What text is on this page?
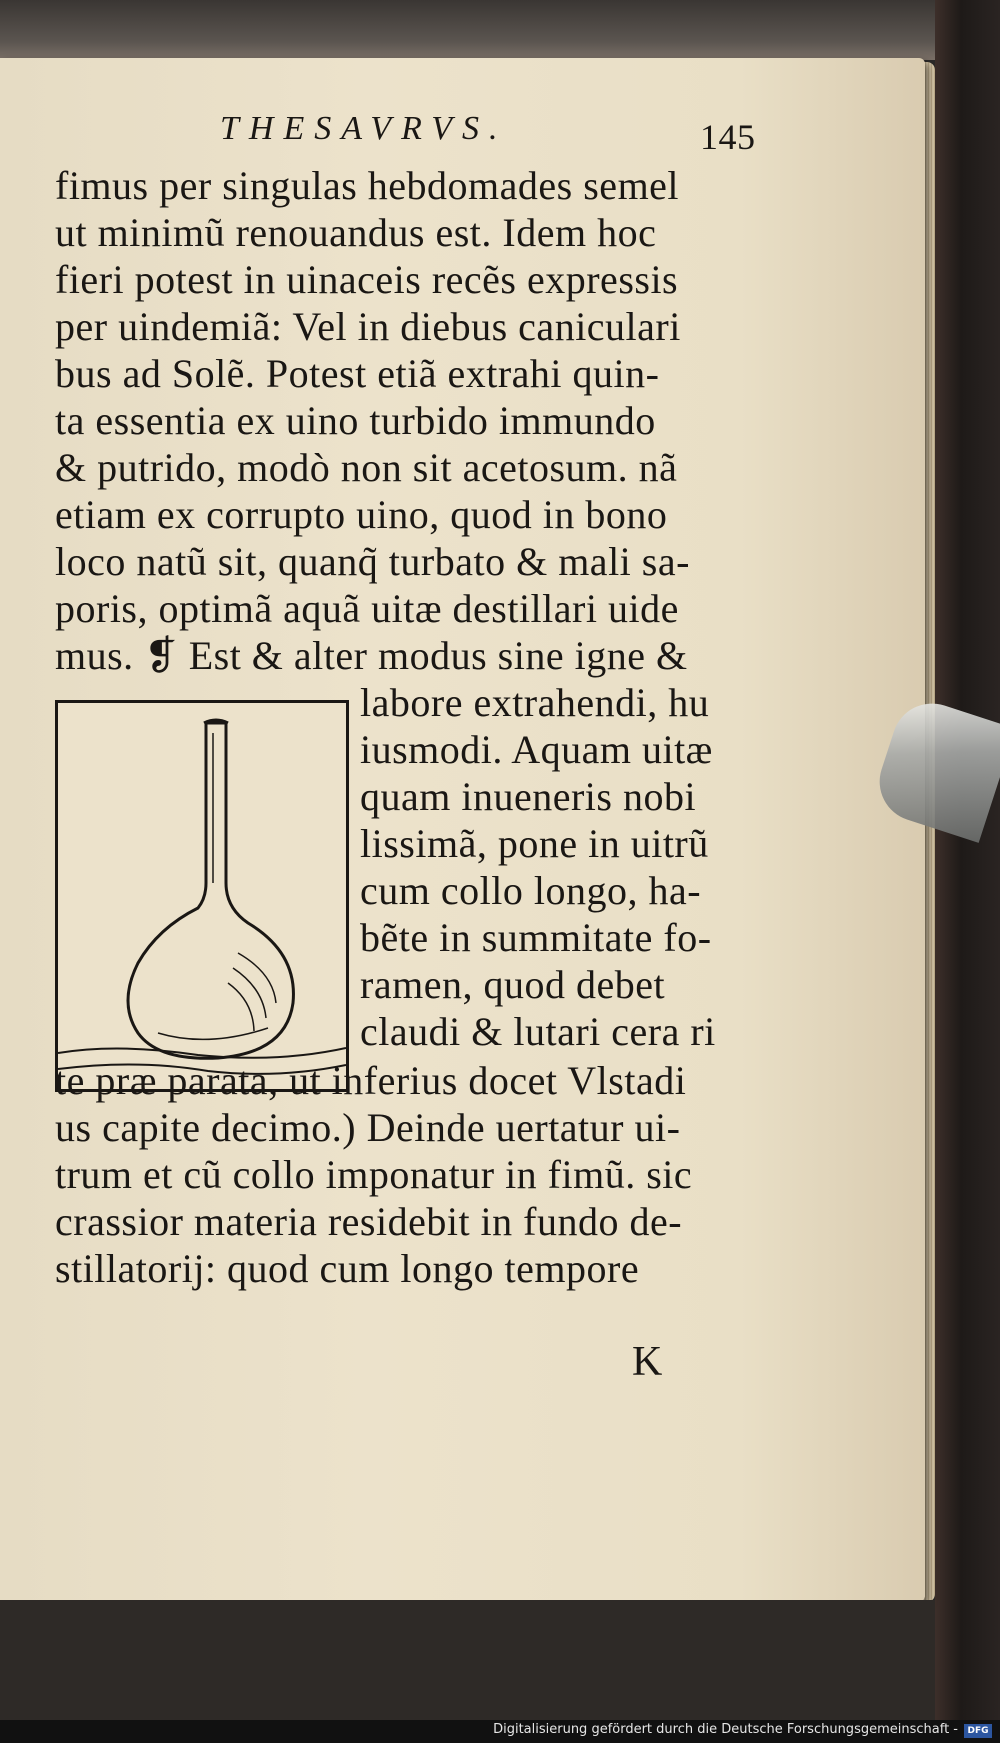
THESAVRVS.	145
fimus per singulas hebdomades semel
ut minimũ renouandus est. Idem hoc
fieri potest in uinaceis recẽs expressis
per uindemiã: Vel in diebus caniculari
bus ad Solẽ. Potest etiã extrahi quin-
ta essentia ex uino turbido immundo
& putrido, modò non sit acetosum. nã
etiam ex corrupto uino, quod in bono
loco natũ sit, quanq̃ turbato & mali sa-
poris, optimã aquã uitæ destillari uide
mus. ❡ Est & alter modus sine igne &
labore extrahendi, hu
iusmodi. Aquam uitæ
quam inueneris nobi
lissimã, pone in uitrũ
cum collo longo, ha-
bẽte in summitate fo-
ramen, quod debet
claudi & lutari cera ri
te præ parata, ut inferius docet Vlstadi
us capite decimo.) Deinde uertatur ui-
trum et cũ collo imponatur in fimũ. sic
crassior materia residebit in fundo de-
stillatorij: quod cum longo tempore
K
Digitalisierung gefördert durch die Deutsche Forschungsgemeinschaft -	DFG
